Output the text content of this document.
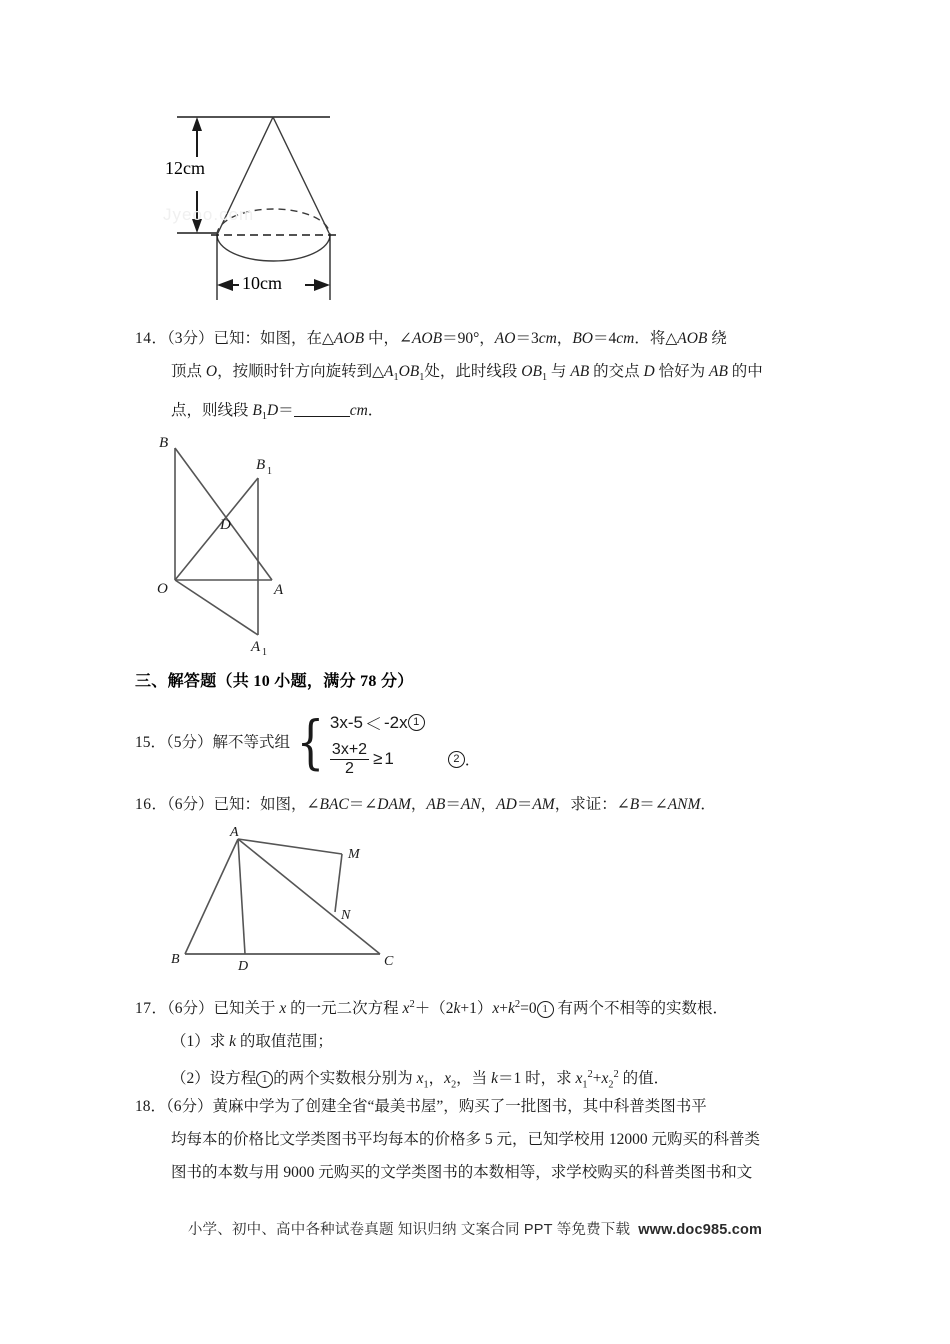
12cm
10cm
Jyeoo.com
14．（3分）已知：如图，在△AOB 中，∠AOB＝90°，AO＝3cm，BO＝4cm．将△AOB 绕
顶点 O，按顺时针方向旋转到$\triangle A_1OB_1$处，此时线段 $OB_1$ 与 AB 的交点 D 恰好为 AB 的中
点，则线段 $B_1D=$	cm．
B
B 1
D
O	A
A 1
三、解答题（共 10 小题，满分 78 分）
15．（5分）解不等式组 { 3x-5 ＜ -2x 1
$\frac{3x+2}{2} \ge 1$	2 ．
16．（6分）已知：如图，∠BAC＝∠DAM，AB＝AN，AD＝AM，求证：∠B＝∠ANM．
A
M
N
B	D	C
17．（6分）已知关于 x 的一元二次方程 $x^2+(2k+1)x+k^2=0$ 1 有两个不相等的实数根．
（1）求 k 的取值范围；
（2）设方程 1 的两个实数根分别为 $x_1$，$x_2$，当 k＝1 时，求 $x_1^2+x_2^2$ 的值．
18．（6分）黄麻中学为了创建全省“最美书屋”，购买了一批图书，其中科普类图书平
均每本的价格比文学类图书平均每本的价格多 5 元，已知学校用 12000 元购买的科普类
图书的本数与用 9000 元购买的文学类图书的本数相等，求学校购买的科普类图书和文
小学、初中、高中各种试卷真题 知识归纳 文案合同 PPT 等免费下载 www.doc985.com
